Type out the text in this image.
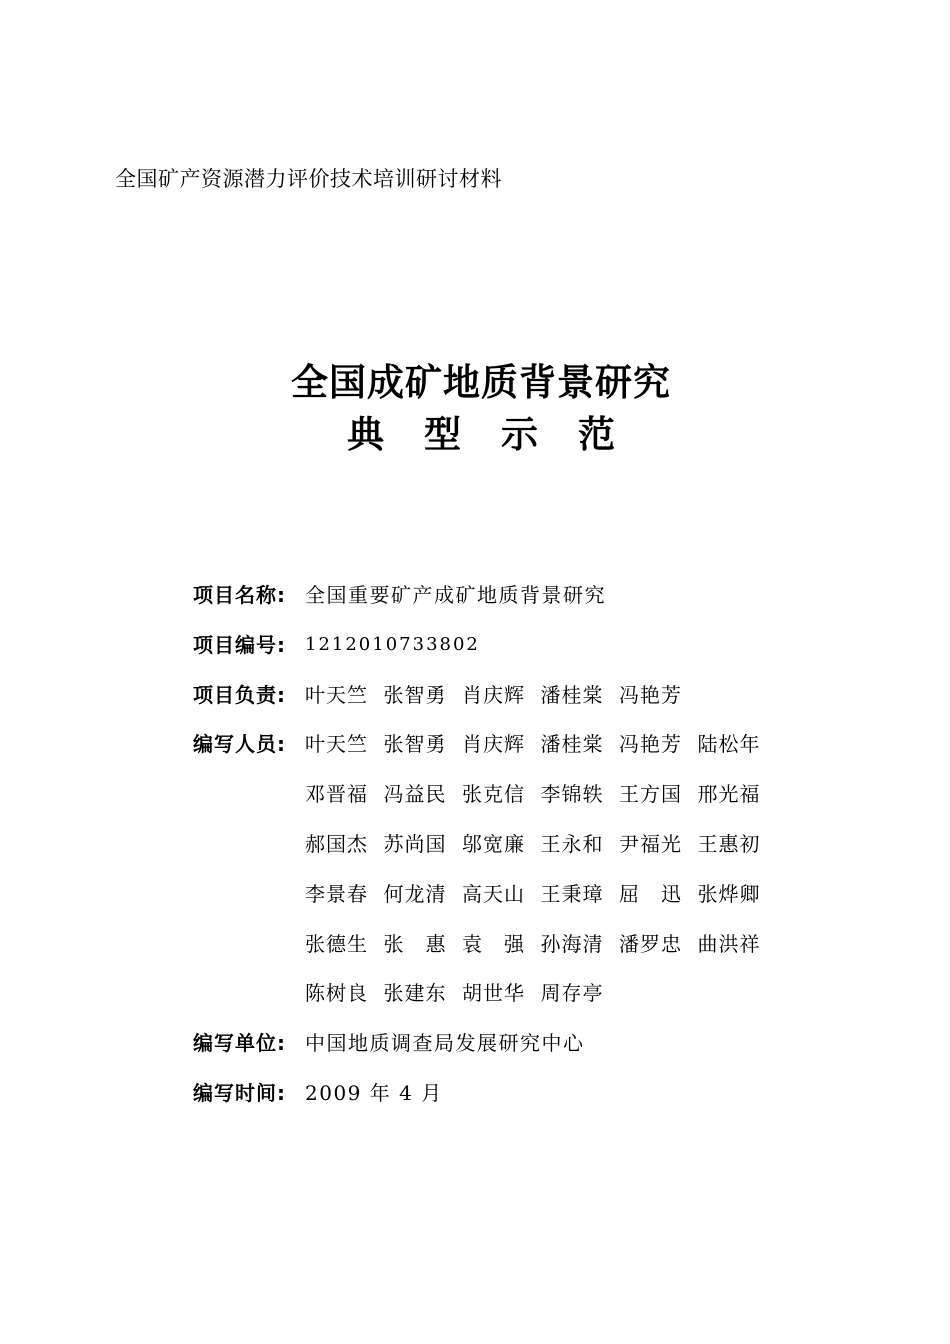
全国矿产资源潜力评价技术培训研讨材料
全国成矿地质背景研究
典 型 示 范
项目名称: 全国重要矿产成矿地质背景研究
项目编号:	1212010733802
项目负责: 叶天竺 张智勇 肖庆辉 潘桂棠 冯艳芳
编写人员: 叶天竺 张智勇 肖庆辉 潘桂棠 冯艳芳 陆松年
邓晋福 冯益民 张克信 李锦轶 王方国 邢光福
郝国杰 苏尚国 邬宽廉 王永和 尹福光 王惠初
李景春 何龙清 高天山 王秉璋 屈　迅 张烨卿
张德生 张　惠 袁　强 孙海清 潘罗忠 曲洪祥
陈树良 张建东 胡世华 周存亭
编写单位: 中国地质调查局发展研究中心
编写时间: 2009 年 4 月
